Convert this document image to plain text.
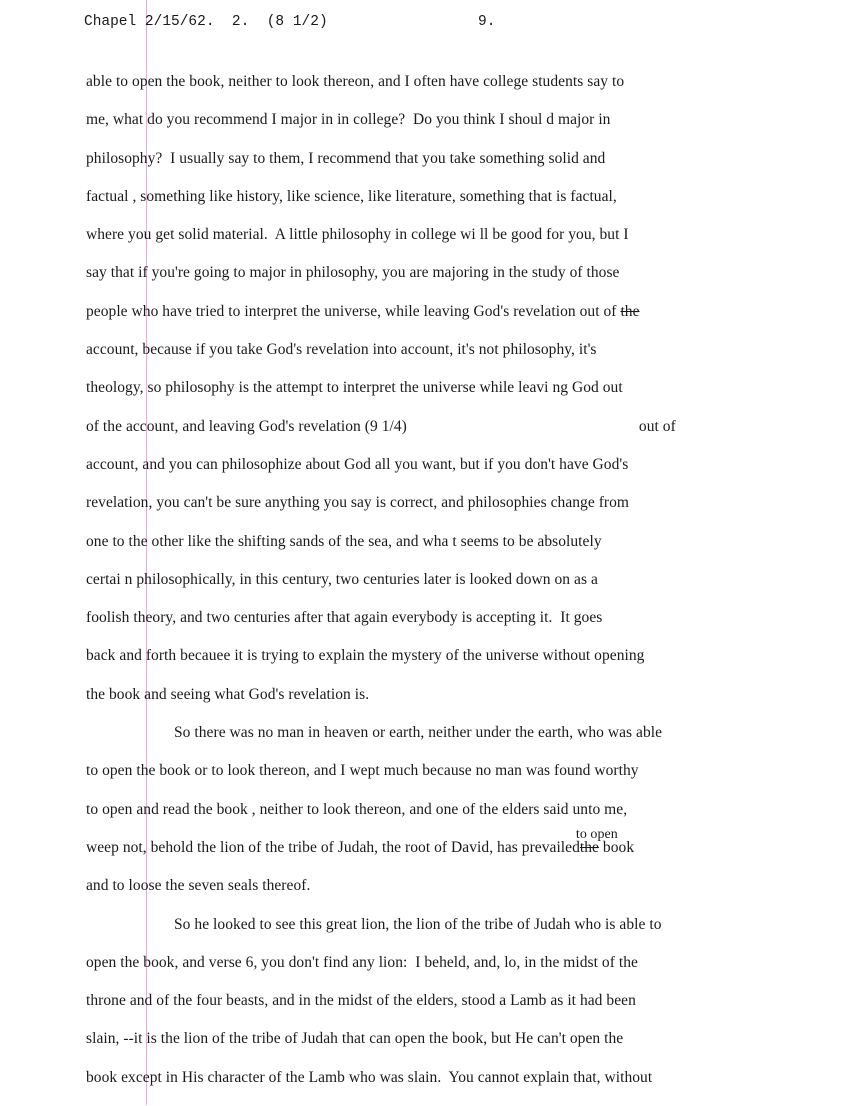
Chapel 2/15/62.  2.  (8 1/2)	9.
able to open the book, neither to look thereon, and I often have college students say to
me, what do you recommend I major in in college?  Do you think I shoul d major in
philosophy?  I usually say to them, I recommend that you take something solid and
factual , something like history, like science, like literature, something that is factual,
where you get solid material.  A little philosophy in college wi ll be good for you, but I
say that if you're going to major in philosophy, you are majoring in the study of those
people who have tried to interpret the universe, while leaving God's revelation out of the
account, because if you take God's revelation into account, it's not philosophy, it's
theology, so philosophy is the attempt to interpret the universe while leavi ng God out
of the account, and leaving God's revelation (9 1/4)	out of
account, and you can philosophize about God all you want, but if you don't have God's
revelation, you can't be sure anything you say is correct, and philosophies change from
one to the other like the shifting sands of the sea, and wha t seems to be absolutely
certai n philosophically, in this century, two centuries later is looked down on as a
foolish theory, and two centuries after that again everybody is accepting it.  It goes
back and forth becauee it is trying to explain the mystery of the universe without opening
the book and seeing what God's revelation is.
So there was no man in heaven or earth, neither under the earth, who was able
to open the book or to look thereon, and I wept much because no man was found worthy
to open and read the book , neither to look thereon, and one of the elders said unto me,
weep not, behold the lion of the tribe of Judah, the root of David, has prevailed
to open
the book
and to loose the seven seals thereof.
So he looked to see this great lion, the lion of the tribe of Judah who is able to
open the book, and verse 6, you don't find any lion:  I beheld, and, lo, in the midst of the
throne and of the four beasts, and in the midst of the elders, stood a Lamb as it had been
slain, --it is the lion of the tribe of Judah that can open the book, but He can't open the
book except in His character of the Lamb who was slain.  You cannot explain that, without
